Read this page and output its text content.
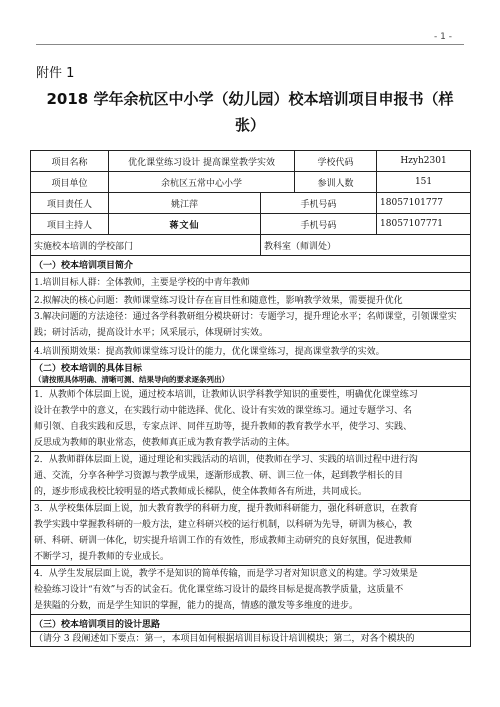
- 1 -
附件 1
2018 学年余杭区中小学（幼儿园）校本培训项目申报书（样张）
项目名称	优化课堂练习设计 提高课堂教学实效		学校代码	Hzyh2301
项目单位	余杭区五常中心小学		参训人数	151
项目责任人	姚江萍	手机号码		18057101777
项目主持人	蒋文仙	手机号码		18057107771
实施校本培训的学校部门		教科室（师训处）		
（一）校本培训项目简介				
1.培训目标人群：全体教师，主要是学校的中青年教师				
2.拟解决的核心问题：教师课堂练习设计存在盲目性和随意性，影响教学效果，需要提升优化				
3.解决问题的方法途径：通过各学科教研组分模块研讨：专题学习，提升理论水平；名师课堂，引领课堂实践；研讨活动，提高设计水平；风采展示，体现研讨实效。				
4.培训预期效果：提高教师课堂练习设计的能力，优化课堂练习，提高课堂教学的实效。				
（二）校本培训的具体目标
（请按照具体明确、清晰可测、结果导向的要求逐条列出）				

1．从教师个体层面上说，通过校本培训，让教师认识学科教学知识的重要性，明确优化课堂练习

设计在教学中的意义，在实践行动中能选择、优化、设计有实效的课堂练习。通过专题学习、名

师引领、自我实践和反思，专家点评、同伴互助等，提升教师的教育教学水平，使学习、实践、

反思成为教师的职业常态，使教师真正成为教育教学活动的主体。				

2．从教师群体层面上说，通过理论和实践活动的培训，使教师在学习、实践的培训过程中进行沟

通、交流，分享各种学习资源与教学成果，逐渐形成教、研、训三位一体，起到教学相长的目

的，逐步形成我校比较明显的塔式教师成长梯队，使全体教师各有所进，共同成长。				

3．从学校集体层面上说，加大教育教学的科研力度，提升教师科研能力，强化科研意识，在教育

教学实践中掌握教科研的一般方法，建立科研兴校的运行机制，以科研为先导，研训为核心，教

研、科研、研训一体化，切实提升培训工作的有效性，形成教师主动研究的良好氛围，促进教师

不断学习，提升教师的专业成长。				

4．从学生发展层面上说，教学不是知识的简单传输，而是学习者对知识意义的构建。学习效果是

检验练习设计“有效”与否的试金石。优化课堂练习设计的最终目标是提高教学质量，这质量不

是狭隘的分数，而是学生知识的掌握，能力的提高，情感的激发等多维度的进步。				

（三）校本培训项目的设计思路				
（请分 3 段阐述如下要点：第一，本项目如何根据培训目标设计培训模块；第二，对各个模块的				
